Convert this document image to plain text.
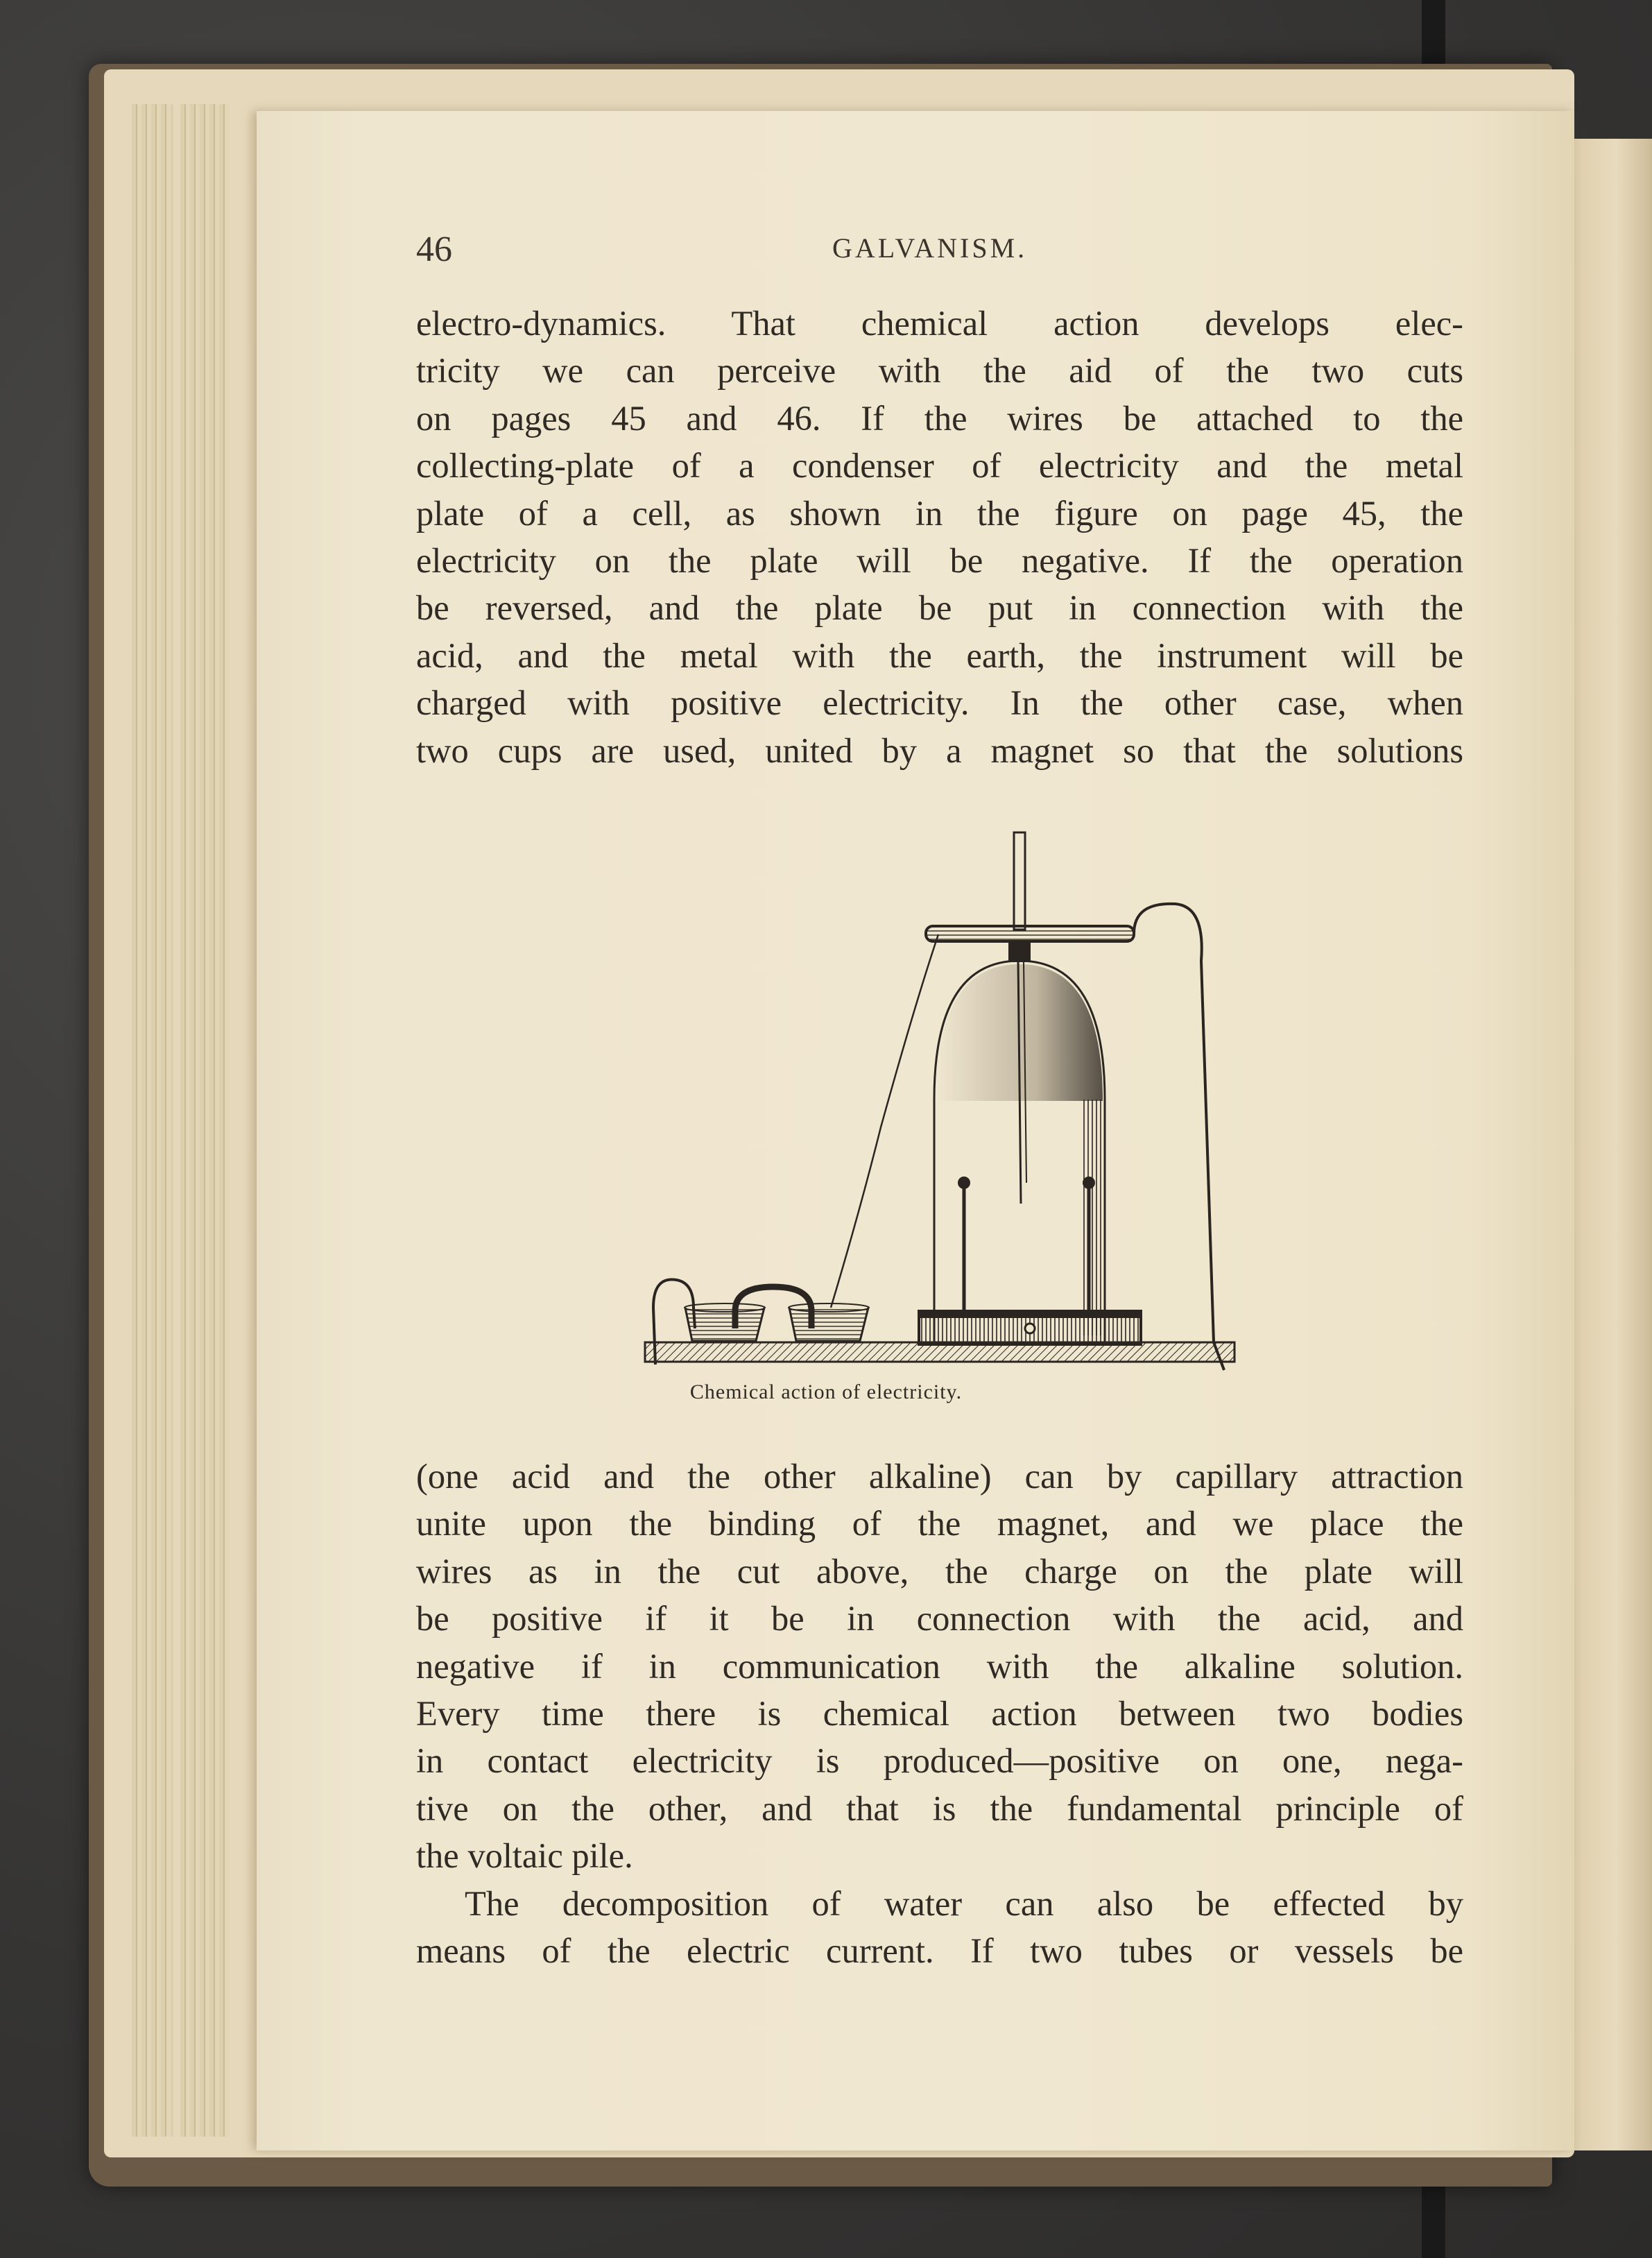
46	GALVANISM.
electro-dynamics. That chemical action develops elec-
tricity we can perceive with the aid of the two cuts
on pages 45 and 46. If the wires be attached to the
collecting-plate of a condenser of electricity and the metal
plate of a cell, as shown in the figure on page 45, the
electricity on the plate will be negative. If the operation
be reversed, and the plate be put in connection with the
acid, and the metal with the earth, the instrument will be
charged with positive electricity. In the other case, when
two cups are used, united by a magnet so that the solutions
Chemical action of electricity.
(one acid and the other alkaline) can by capillary attraction
unite upon the binding of the magnet, and we place the
wires as in the cut above, the charge on the plate will
be positive if it be in connection with the acid, and
negative if in communication with the alkaline solution.
Every time there is chemical action between two bodies
in contact electricity is produced—positive on one, nega-
tive on the other, and that is the fundamental principle of
the voltaic pile.
The decomposition of water can also be effected by
means of the electric current. If two tubes or vessels be
